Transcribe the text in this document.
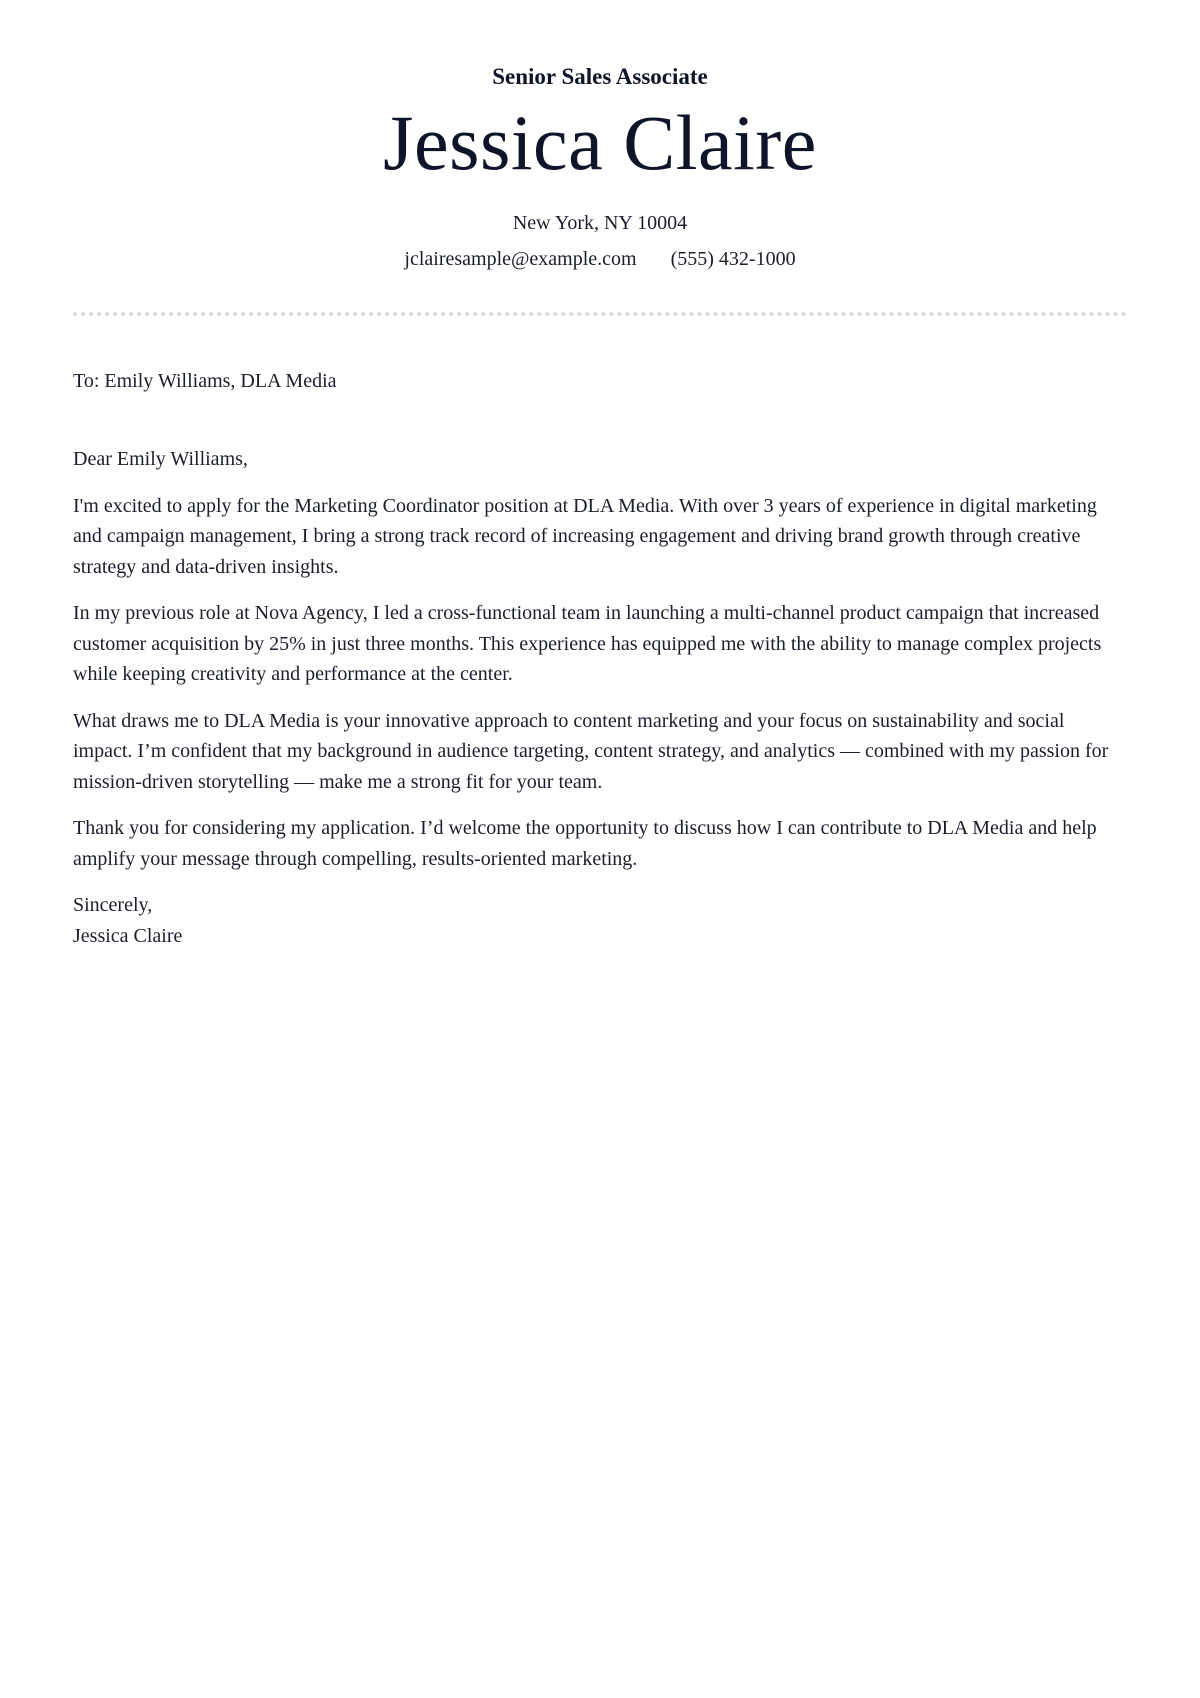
Senior Sales Associate
Jessica Claire
New York, NY 10004
jclairesample@example.com (555) 432-1000
To: Emily Williams, DLA Media

Dear Emily Williams,

I'm excited to apply for the Marketing Coordinator position at DLA Media. With over 3 years of experience in digital marketing and campaign management, I bring a strong track record of increasing engagement and driving brand growth through creative strategy and data-driven insights.

In my previous role at Nova Agency, I led a cross-functional team in launching a multi-channel product campaign that increased customer acquisition by 25% in just three months. This experience has equipped me with the ability to manage complex projects while keeping creativity and performance at the center.

What draws me to DLA Media is your innovative approach to content marketing and your focus on sustainability and social impact. I’m confident that my background in audience targeting, content strategy, and analytics — combined with my passion for mission-driven storytelling — make me a strong fit for your team.

Thank you for considering my application. I’d welcome the opportunity to discuss how I can contribute to DLA Media and help amplify your message through compelling, results-oriented marketing.

Sincerely,
Jessica Claire
